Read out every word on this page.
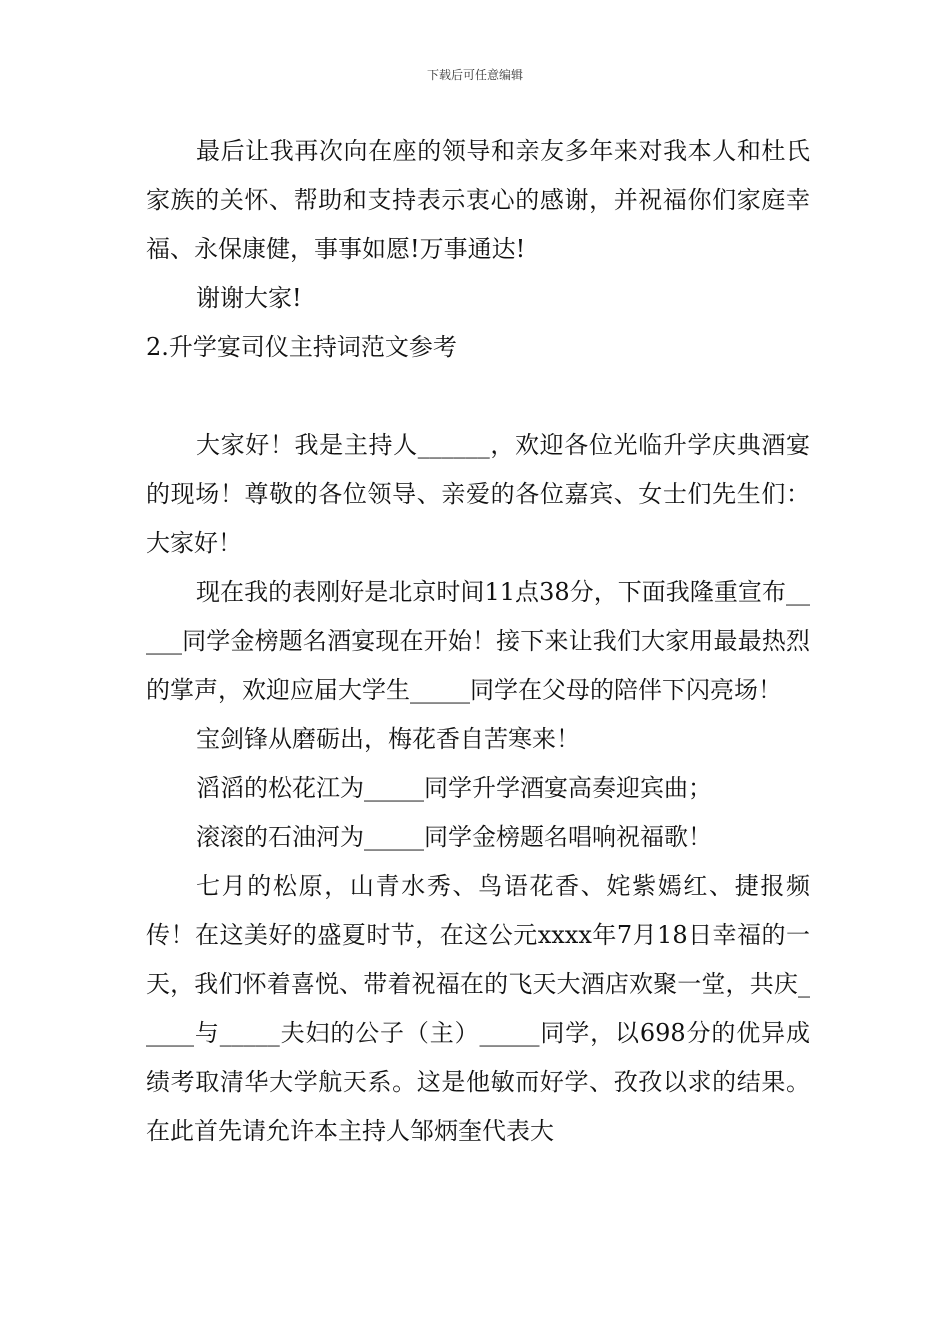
下载后可任意编辑

最后让我再次向在座的领导和亲友多年来对我本人和杜氏家族的关怀、帮助和支持表示衷心的感谢，并祝福你们家庭幸福、永保康健，事事如愿!万事通达!

谢谢大家!

2.升学宴司仪主持词范文参考

大家好！我是主持人______，欢迎各位光临升学庆典酒宴的现场！尊敬的各位领导、亲爱的各位嘉宾、女士们先生们：大家好！

现在我的表刚好是北京时间11点38分，下面我隆重宣布_____同学金榜题名酒宴现在开始！接下来让我们大家用最最热烈的掌声，欢迎应届大学生_____同学在父母的陪伴下闪亮场！

宝剑锋从磨砺出，梅花香自苦寒来！

滔滔的松花江为_____同学升学酒宴高奏迎宾曲；

滚滚的石油河为_____同学金榜题名唱响祝福歌！

七月的松原，山青水秀、鸟语花香、姹紫嫣红、捷报频传！在这美好的盛夏时节，在这公元xxxx年7月18日幸福的一天，我们怀着喜悦、带着祝福在的飞天大酒店欢聚一堂，共庆_____与_____夫妇的公子（主）_____同学，以698分的优异成绩考取清华大学航天系。这是他敏而好学、孜孜以求的结果。在此首先请允许本主持人邹炳奎代表大
